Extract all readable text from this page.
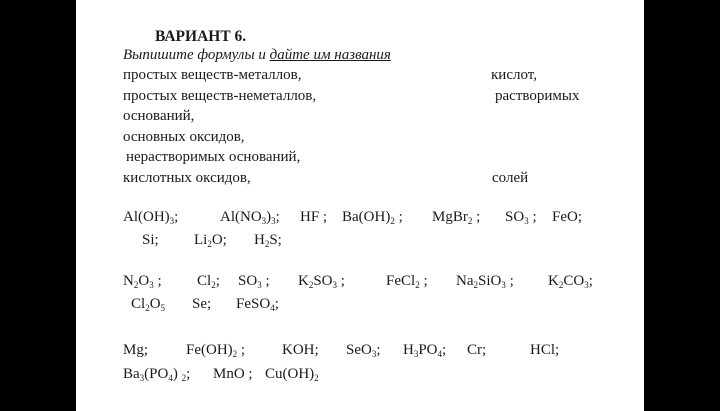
ВАРИАНТ 6.
Выпишите формулы и дайте им названия
простых веществ-металлов,	кислот,
простых веществ-неметаллов,	растворимых
оснований,
основных оксидов,
нерастворимых оснований,
кислотных оксидов,	солей
$Al(OH)_3$;	$Al(NO_3)_3$; HF ; $Ba(OH)_2$ ; MgBr$_2$ ; $SO_3$ ; FeO;
Si; $Li_2O$; $H_2S$;
$N_2O_3$ ; $Cl_2$; $SO_3$ ; $K_2SO_3$ ;	FeCl$_2$ ; $Na_2SiO_3$ ; $K_2CO_3$;
$Cl_2O_5$ Se; FeSO$_4$;
Mg;	$Fe(OH)_2$ ; KOH; SeO$_3$; $H_3PO_4$; Cr;	HCl;
$Ba_3(PO_4)$ $_2$; MnO ; $Cu(OH)_2$
